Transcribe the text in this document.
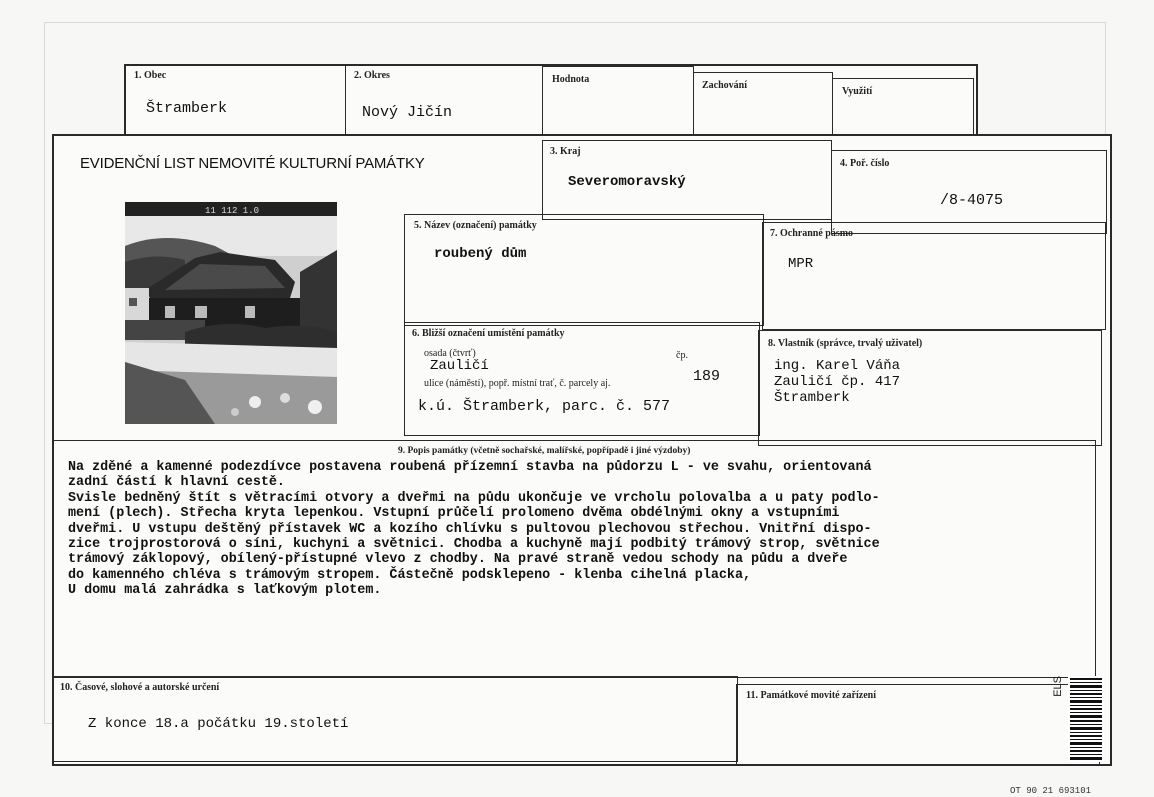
1. Obec
Štramberk
2. Okres
Nový Jičín
Hodnota
Zachování
Využití
EVIDENČNÍ LIST NEMOVITÉ KULTURNÍ PAMÁTKY
3. Kraj
Severomoravský
4. Poř. číslo
/8-4075
11 112 1.0
5. Název (označení) památky
roubený dům
7. Ochranné pásmo
MPR
6. Bližší označení umístění památky
osada (čtvrť)
Zauličí
čp.
189
ulice (náměstí), popř. místní trať, č. parcely aj.
k.ú. Štramberk, parc. č. 577
8. Vlastník (správce, trvalý uživatel)
ing. Karel Váňa
Zauličí čp. 417
Štramberk
9. Popis památky (včetně sochařské, malířské, popřípadě i jiné výzdoby)
Na zděné a kamenné podezdívce postavena roubená přízemní stavba na půdorzu L - ve svahu, orientovaná
zadní částí k hlavní cestě.
Svisle bedněný štít s větracími otvory a dveřmi na půdu ukončuje ve vrcholu polovalba a u paty podlo-
mení (plech). Střecha kryta lepenkou. Vstupní průčelí prolomeno dvěma obdélnými okny a vstupními
dveřmi. U vstupu deštěný přístavek WC a kozího chlívku s pultovou plechovou střechou. Vnitřní dispo-
zice trojprostorová o síni, kuchyni a světnici. Chodba a kuchyně mají podbitý trámový strop, světnice
trámový záklopový, obílený-přístupné vlevo z chodby. Na pravé straně vedou schody na půdu a dveře
do kamenného chléva s trámovým stropem. Částečně podsklepeno - klenba cihelná placka,
U domu malá zahrádka s laťkovým plotem.
10. Časové, slohové a autorské určení
Z konce 18.a počátku 19.století
11. Památkové movité zařízení	ELS
OT 90 21 693101
